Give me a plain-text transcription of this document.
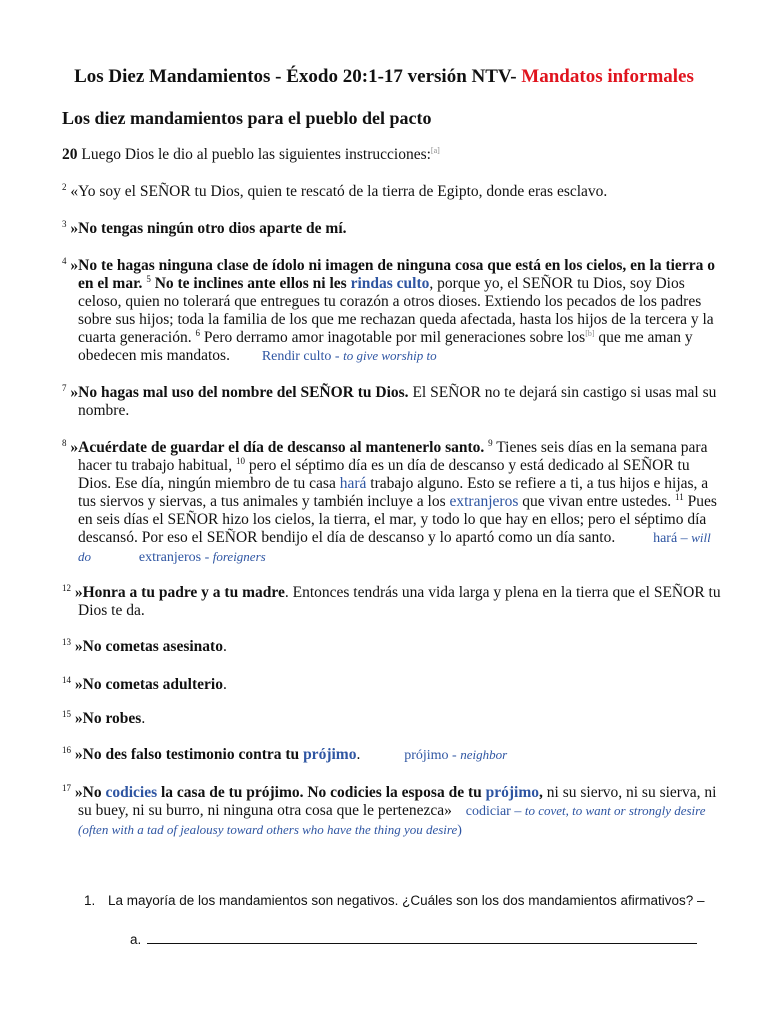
Los Diez Mandamientos - Éxodo 20:1-17 versión NTV- Mandatos informales
Los diez mandamientos para el pueblo del pacto
20 Luego Dios le dio al pueblo las siguientes instrucciones:[a]
$^2$ «Yo soy el SEÑOR tu Dios, quien te rescató de la tierra de Egipto, donde eras esclavo.
$^3$ »No tengas ningún otro dios aparte de mí.
$^4$ »No te hagas ninguna clase de ídolo ni imagen de ninguna cosa que está en los cielos, en la tierra o en el mar. $^5$ No te inclines ante ellos ni les rindas culto, porque yo, el SEÑOR tu Dios, soy Dios celoso, quien no tolerará que entregues tu corazón a otros dioses. Extiendo los pecados de los padres sobre sus hijos; toda la familia de los que me rechazan queda afectada, hasta los hijos de la tercera y la cuarta generación. $^6$ Pero derramo amor inagotable por mil generaciones sobre los[b] que me aman y obedecen mis mandatos. Rendir culto - to give worship to
$^7$ »No hagas mal uso del nombre del SEÑOR tu Dios. El SEÑOR no te dejará sin castigo si usas mal su nombre.
$^8$ »Acuérdate de guardar el día de descanso al mantenerlo santo. $^9$ Tienes seis días en la semana para hacer tu trabajo habitual, $^{10}$ pero el séptimo día es un día de descanso y está dedicado al SEÑOR tu Dios. Ese día, ningún miembro de tu casa hará trabajo alguno. Esto se refiere a ti, a tus hijos e hijas, a tus siervos y siervas, a tus animales y también incluye a los extranjeros que vivan entre ustedes. $^{11}$ Pues en seis días el SEÑOR hizo los cielos, la tierra, el mar, y todo lo que hay en ellos; pero el séptimo día descansó. Por eso el SEÑOR bendijo el día de descanso y lo apartó como un día santo.	hará – will do	extranjeros - foreigners
$^{12}$ »Honra a tu padre y a tu madre. Entonces tendrás una vida larga y plena en la tierra que el SEÑOR tu Dios te da.
$^{13}$ »No cometas asesinato.
$^{14}$ »No cometas adulterio.
$^{15}$ »No robes.
$^{16}$ »No des falso testimonio contra tu prójimo.	prójimo - neighbor
$^{17}$ »No codicies la casa de tu prójimo. No codicies la esposa de tu prójimo, ni su siervo, ni su sierva, ni su buey, ni su burro, ni ninguna otra cosa que le pertenezca» codiciar – to covet, to want or strongly desire (often with a tad of jealousy toward others who have the thing you desire)
1. La mayoría de los mandamientos son negativos. ¿Cuáles son los dos mandamientos afirmativos? –
a.
